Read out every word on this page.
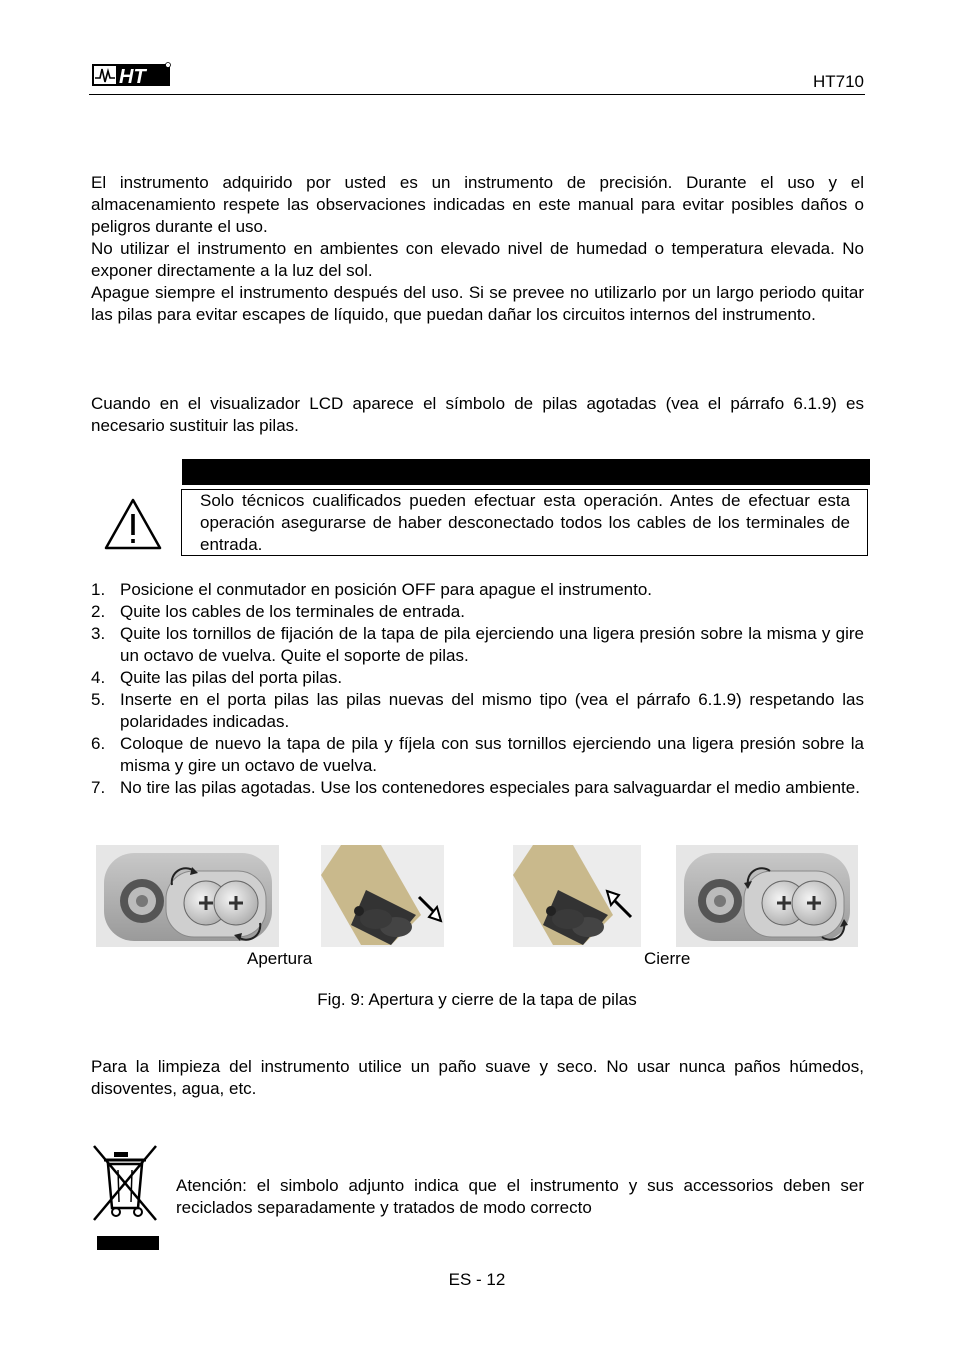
HT	HT710

El instrumento adquirido por usted es un instrumento de precisión. Durante el uso y el almacenamiento respete las observaciones indicadas en este manual para evitar posibles daños o peligros durante el uso.

No utilizar el instrumento en ambientes con elevado nivel de humedad o temperatura elevada. No exponer directamente a la luz del sol.

Apague siempre el instrumento después del uso. Si se prevee no utilizarlo por un largo periodo quitar las pilas para evitar escapes de líquido, que puedan dañar los circuitos internos del instrumento.

Cuando en el visualizador LCD aparece el símbolo de pilas agotadas (vea el párrafo 6.1.9) es necesario sustituir las pilas.
Solo técnicos cualificados pueden efectuar esta operación. Antes de efectuar esta operación asegurarse de haber desconectado todos los cables de los terminales de entrada.
1. Posicione el conmutador en posición OFF para apague el instrumento.
2. Quite los cables de los terminales de entrada.
3. Quite los tornillos de fijación de la tapa de pila ejerciendo una ligera presión sobre la misma y gire un octavo de vuelva. Quite el soporte de pilas.
4. Quite las pilas del porta pilas.
5. Inserte en el porta pilas las pilas nuevas del mismo tipo (vea el párrafo 6.1.9) respetando las polaridades indicadas.
6. Coloque de nuevo la tapa de pila y fíjela con sus tornillos ejerciendo una ligera presión sobre la misma y gire un octavo de vuelva.
7. No tire las pilas agotadas. Use los contenedores especiales para salvaguardar el medio ambiente.
Apertura	Cierre
Fig. 9: Apertura y cierre de la tapa de pilas
Para la limpieza del instrumento utilice un paño suave y seco. No usar nunca paños húmedos, disoventes, agua, etc.
Atención: el simbolo adjunto indica que el instrumento y sus accessorios deben ser reciclados separadamente y tratados de modo correcto
ES - 12
